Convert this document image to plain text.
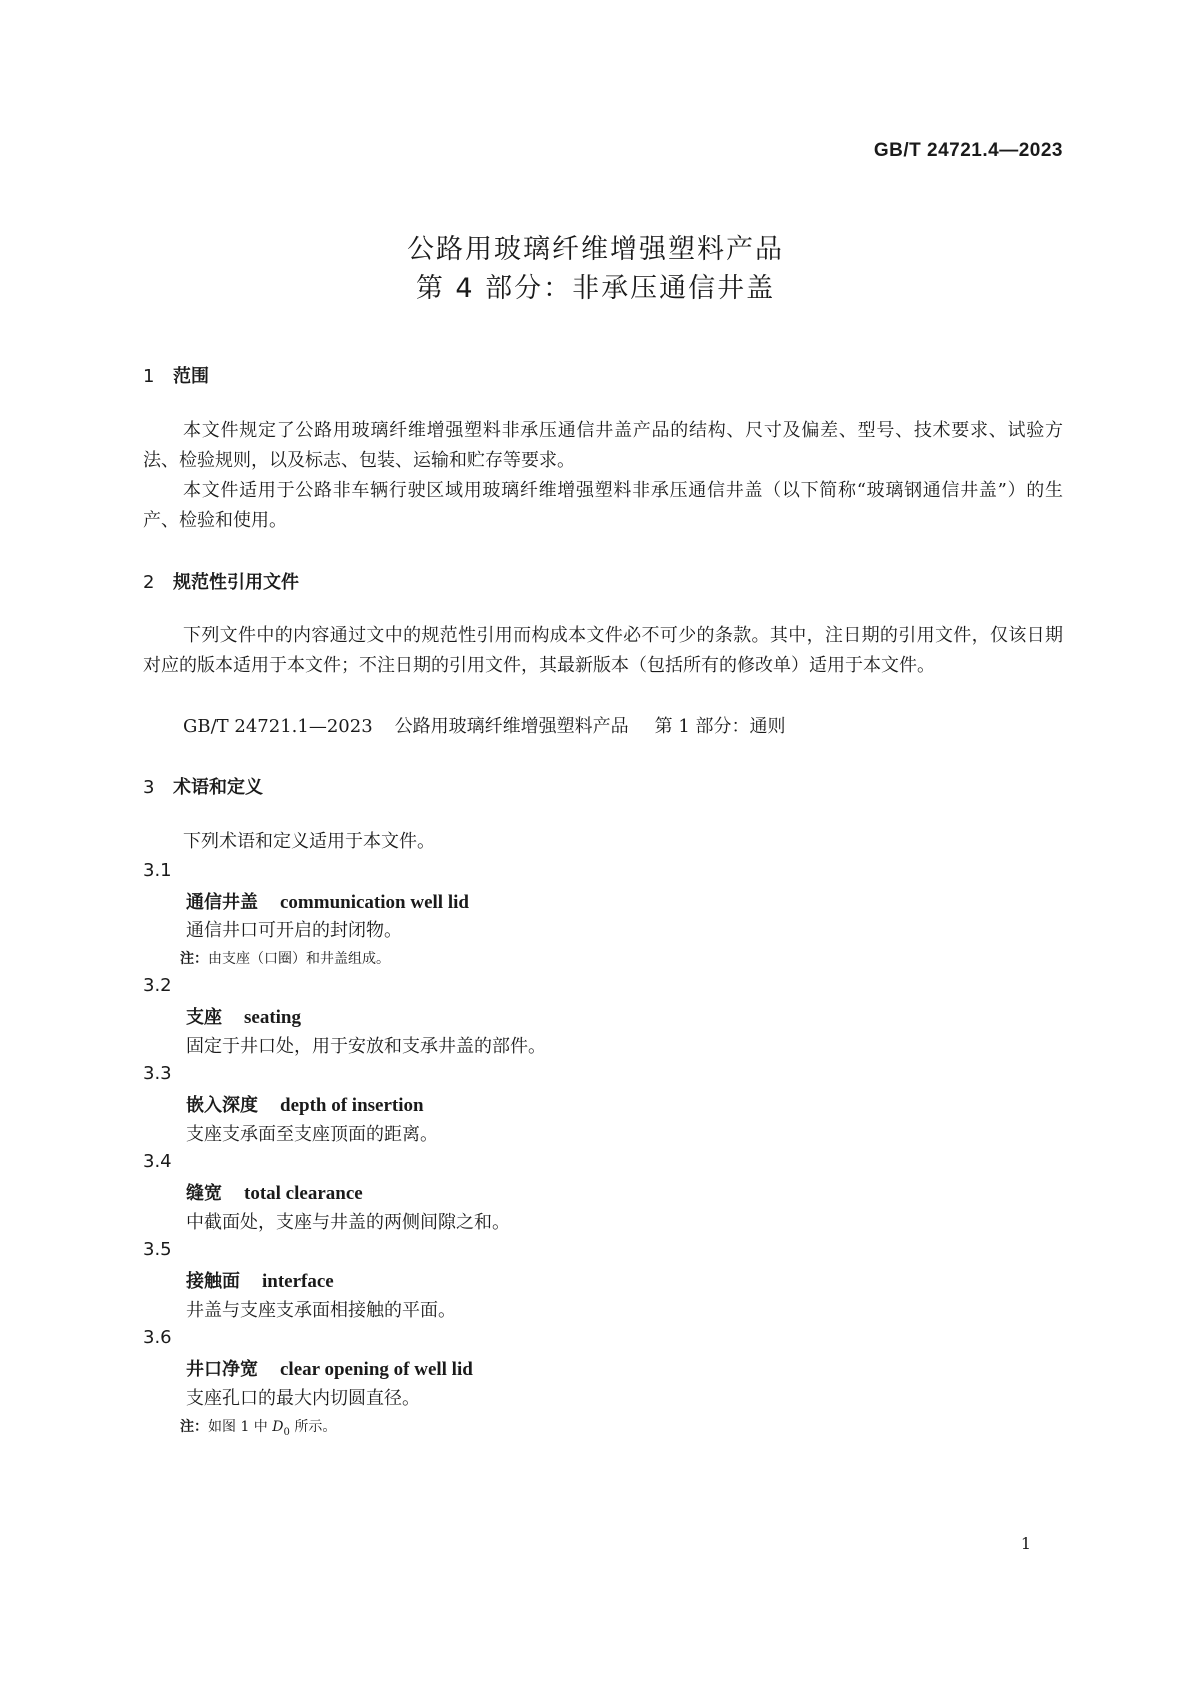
GB/T 24721.4—2023
公路用玻璃纤维增强塑料产品
第 4 部分：非承压通信井盖
1 范围

本文件规定了公路用玻璃纤维增强塑料非承压通信井盖产品的结构、尺寸及偏差、型号、技术要求、试验方法、检验规则，以及标志、包装、运输和贮存等要求。

本文件适用于公路非车辆行驶区域用玻璃纤维增强塑料非承压通信井盖（以下简称“玻璃钢通信井盖”）的生产、检验和使用。

2 规范性引用文件

下列文件中的内容通过文中的规范性引用而构成本文件必不可少的条款。其中，注日期的引用文件，仅该日期对应的版本适用于本文件；不注日期的引用文件，其最新版本（包括所有的修改单）适用于本文件。

GB/T 24721.1—2023 公路用玻璃纤维增强塑料产品 第 1 部分：通则
3 术语和定义
下列术语和定义适用于本文件。
3.1
通信井盖 communication well lid
通信井口可开启的封闭物。
注：由支座（口圈）和井盖组成。
3.2
支座 seating
固定于井口处，用于安放和支承井盖的部件。
3.3
嵌入深度 depth of insertion
支座支承面至支座顶面的距离。
3.4
缝宽 total clearance
中截面处，支座与井盖的两侧间隙之和。
3.5
接触面 interface
井盖与支座支承面相接触的平面。
3.6
井口净宽 clear opening of well lid
支座孔口的最大内切圆直径。
注：如图 1 中 $D_0$ 所示。
1
